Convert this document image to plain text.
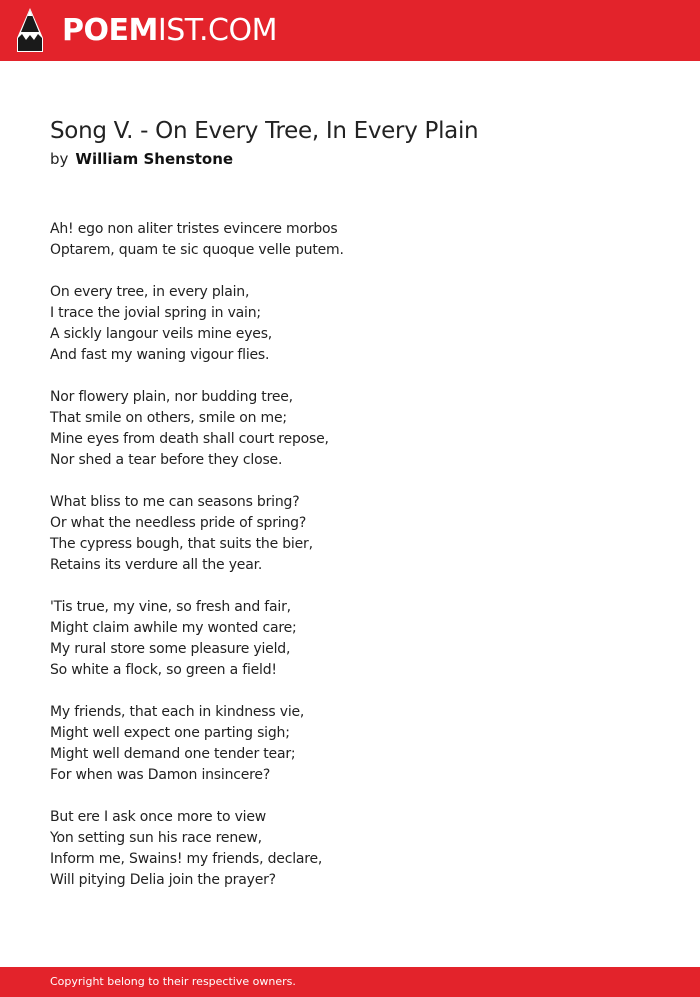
POEMIST.COM
Song V. - On Every Tree, In Every Plain
by William Shenstone
Ah! ego non aliter tristes evincere morbos
Optarem, quam te sic quoque velle putem.
On every tree, in every plain,
I trace the jovial spring in vain;
A sickly langour veils mine eyes,
And fast my waning vigour flies.
Nor flowery plain, nor budding tree,
That smile on others, smile on me;
Mine eyes from death shall court repose,
Nor shed a tear before they close.
What bliss to me can seasons bring?
Or what the needless pride of spring?
The cypress bough, that suits the bier,
Retains its verdure all the year.
'Tis true, my vine, so fresh and fair,
Might claim awhile my wonted care;
My rural store some pleasure yield,
So white a flock, so green a field!
My friends, that each in kindness vie,
Might well expect one parting sigh;
Might well demand one tender tear;
For when was Damon insincere?
But ere I ask once more to view
Yon setting sun his race renew,
Inform me, Swains! my friends, declare,
Will pitying Delia join the prayer?
Copyright belong to their respective owners.
